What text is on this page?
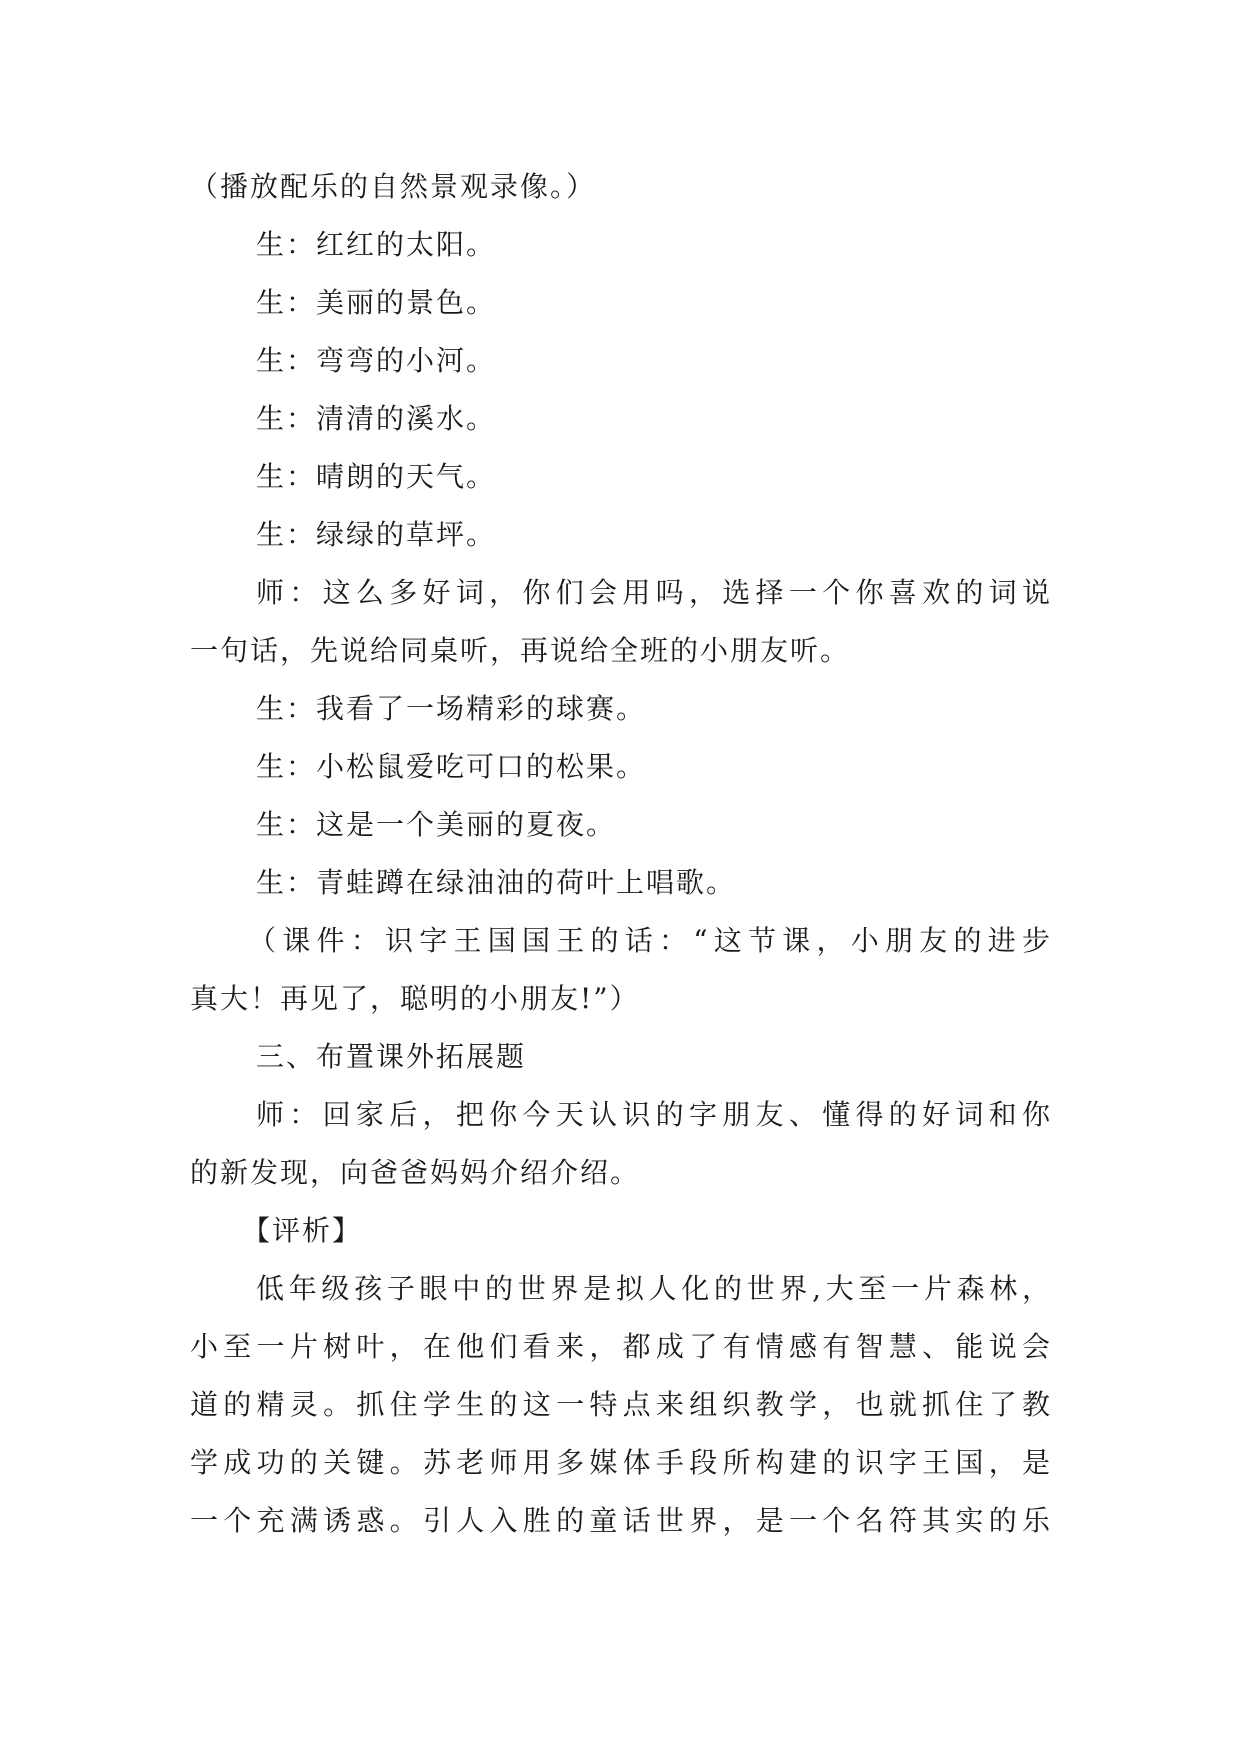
（播放配乐的自然景观录像。）
生：红红的太阳。
生：美丽的景色。
生：弯弯的小河。
生：清清的溪水。
生：晴朗的天气。
生：绿绿的草坪。
师：这么多好词，你们会用吗，选择一个你喜欢的词说
一句话，先说给同桌听，再说给全班的小朋友听。
生：我看了一场精彩的球赛。
生：小松鼠爱吃可口的松果。
生：这是一个美丽的夏夜。
生：青蛙蹲在绿油油的荷叶上唱歌。
（课件：识字王国国王的话：“这节课，小朋友的进步
真大！再见了，聪明的小朋友!”）
三、布置课外拓展题
师：回家后，把你今天认识的字朋友、懂得的好词和你
的新发现，向爸爸妈妈介绍介绍。
【评析】
低年级孩子眼中的世界是拟人化的世界,大至一片森林，
小至一片树叶，在他们看来，都成了有情感有智慧、能说会
道的精灵。抓住学生的这一特点来组织教学，也就抓住了教
学成功的关键。苏老师用多媒体手段所构建的识字王国，是
一个充满诱惑。引人入胜的童话世界，是一个名符其实的乐
